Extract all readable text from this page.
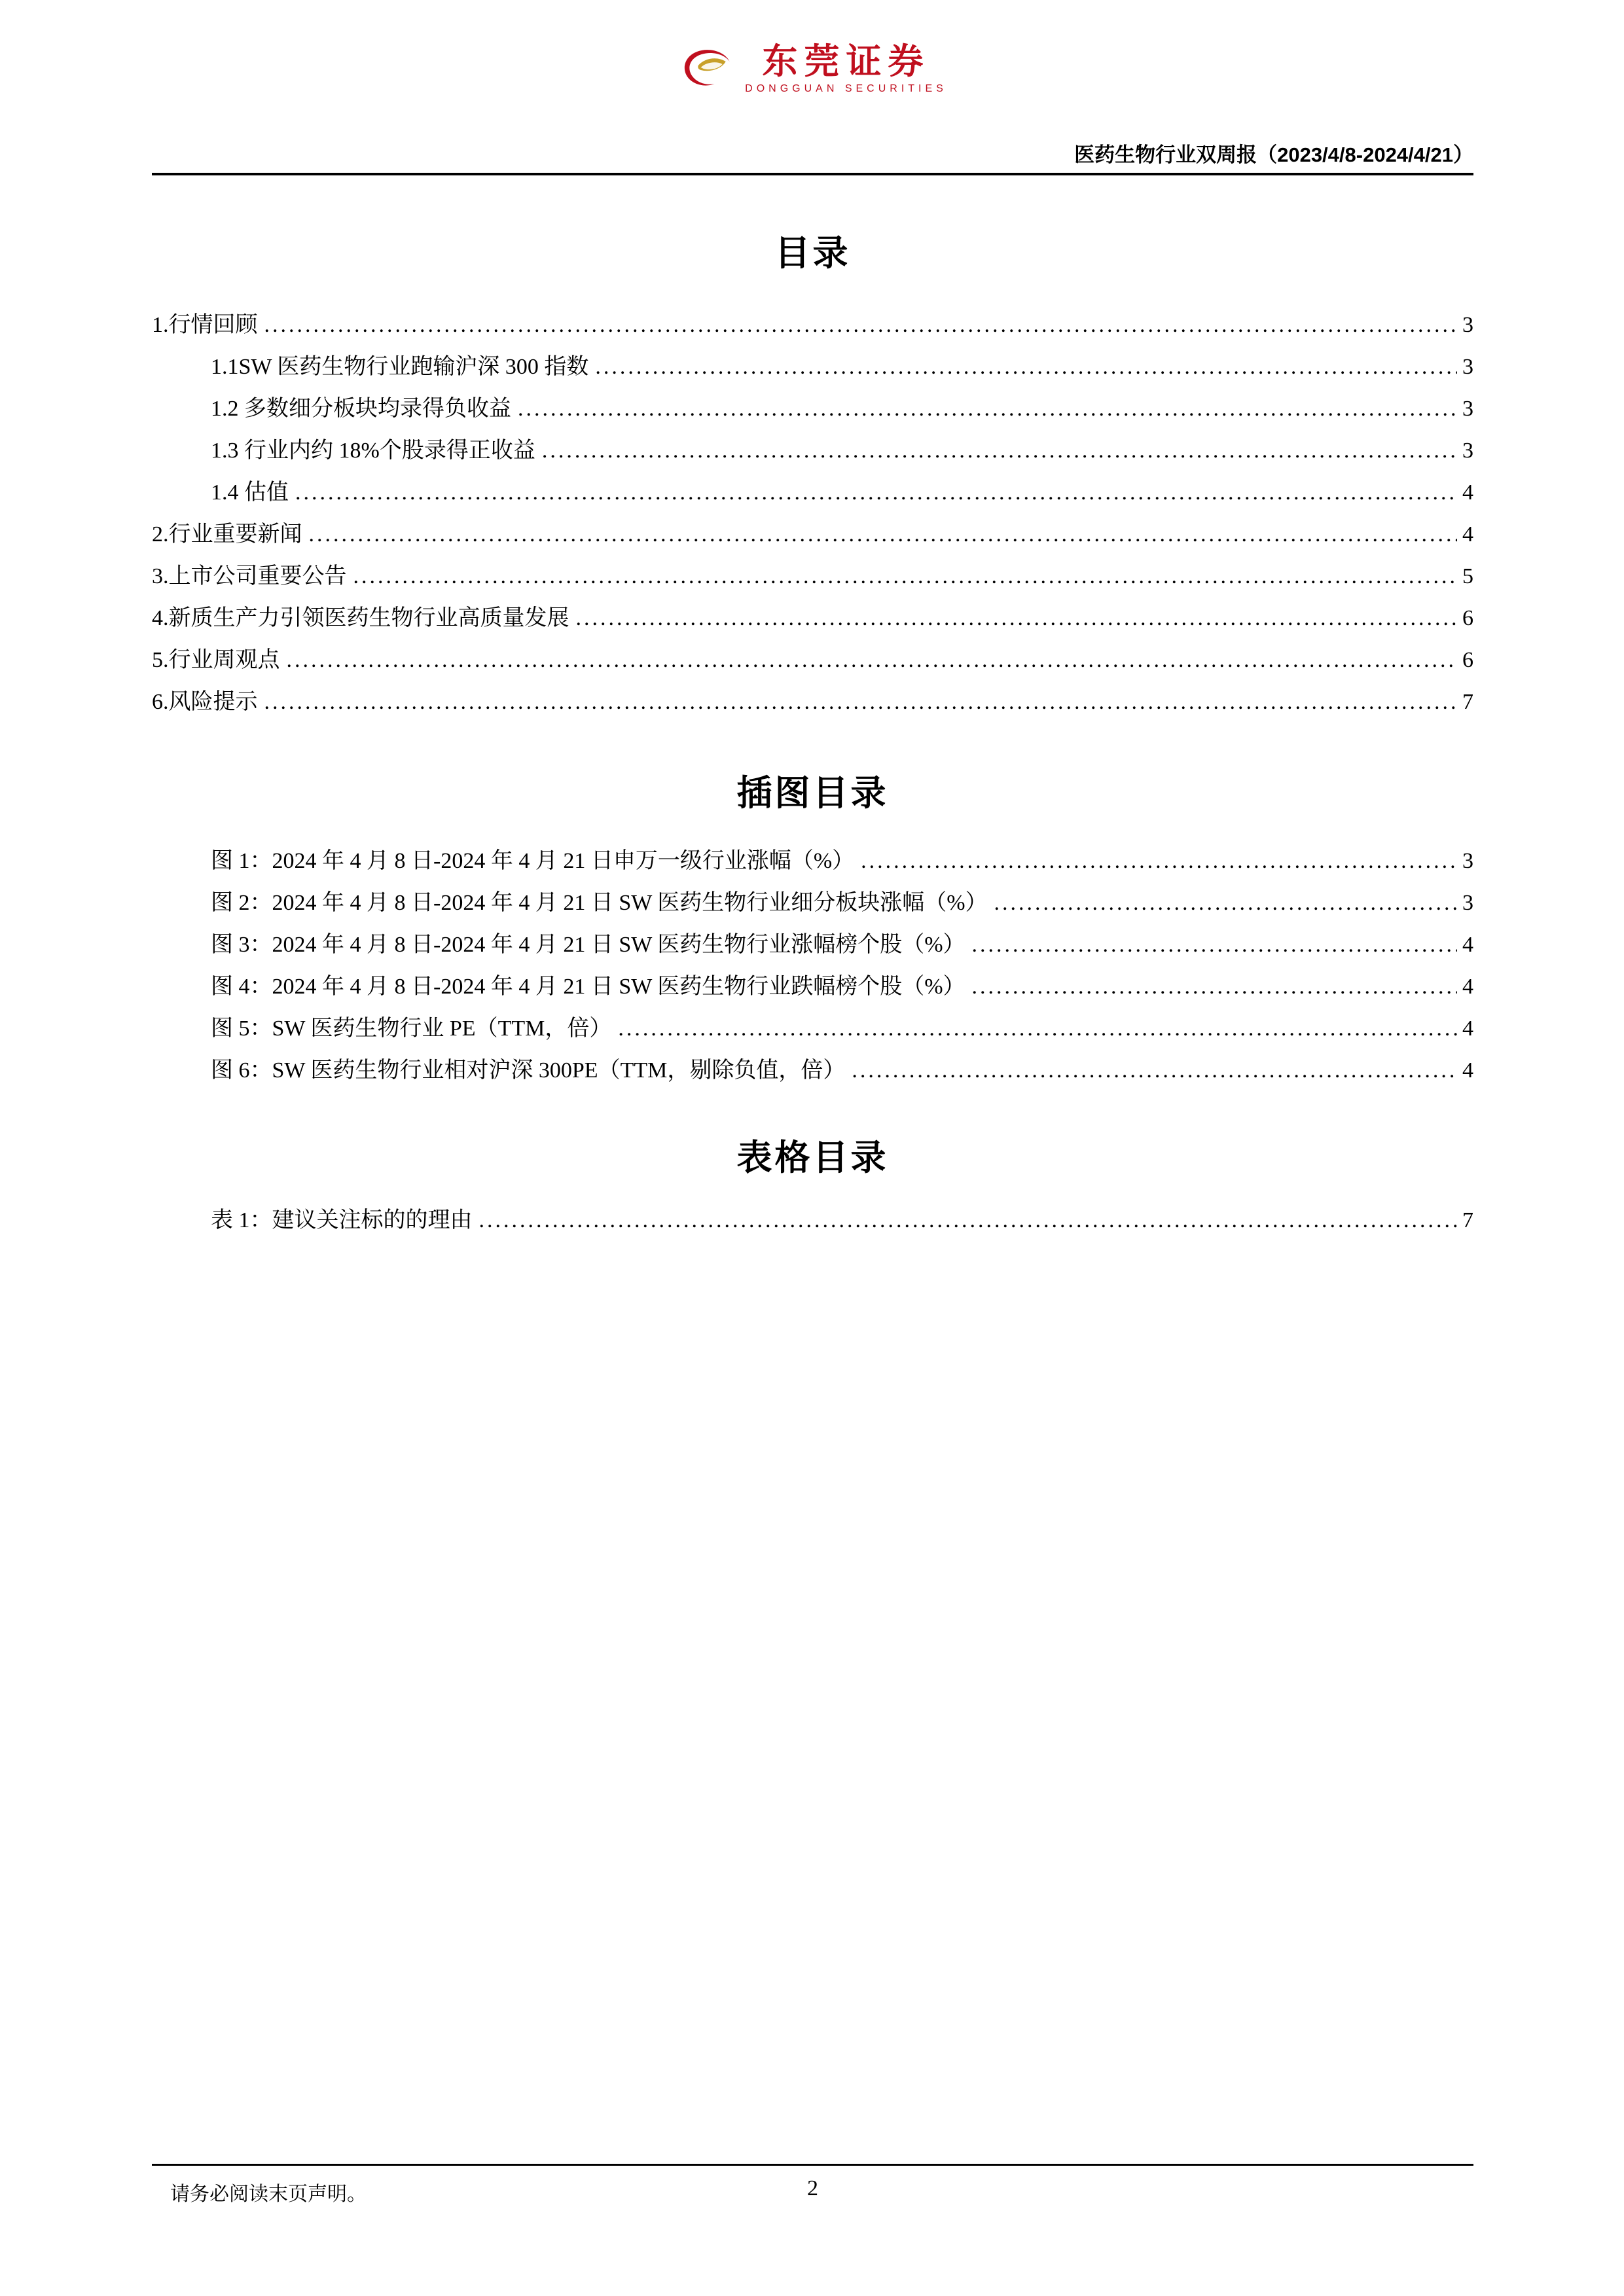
东莞证券
DONGGUAN SECURITIES
医药生物行业双周报（2023/4/8-2024/4/21）
目录
1.行情回顾 .....	3
1.1SW 医药生物行业跑输沪深 300 指数 .....	3
1.2 多数细分板块均录得负收益 .....	3
1.3 行业内约 18%个股录得正收益 .....	3
1.4 估值 .....	4
2.行业重要新闻 .....	4
3.上市公司重要公告 .....	5
4.新质生产力引领医药生物行业高质量发展 .....	6
5.行业周观点 .....	6
6.风险提示 .....	7
插图目录
图 1：2024 年 4 月 8 日-2024 年 4 月 21 日申万一级行业涨幅（%） .....	3
图 2：2024 年 4 月 8 日-2024 年 4 月 21 日 SW 医药生物行业细分板块涨幅（%） .....	3
图 3：2024 年 4 月 8 日-2024 年 4 月 21 日 SW 医药生物行业涨幅榜个股（%） .....	4
图 4：2024 年 4 月 8 日-2024 年 4 月 21 日 SW 医药生物行业跌幅榜个股（%） .....	4
图 5：SW 医药生物行业 PE（TTM，倍） .....	4
图 6：SW 医药生物行业相对沪深 300PE（TTM，剔除负值，倍） .....	4
表格目录
表 1：建议关注标的的理由 .....	7
请务必阅读末页声明。	2
